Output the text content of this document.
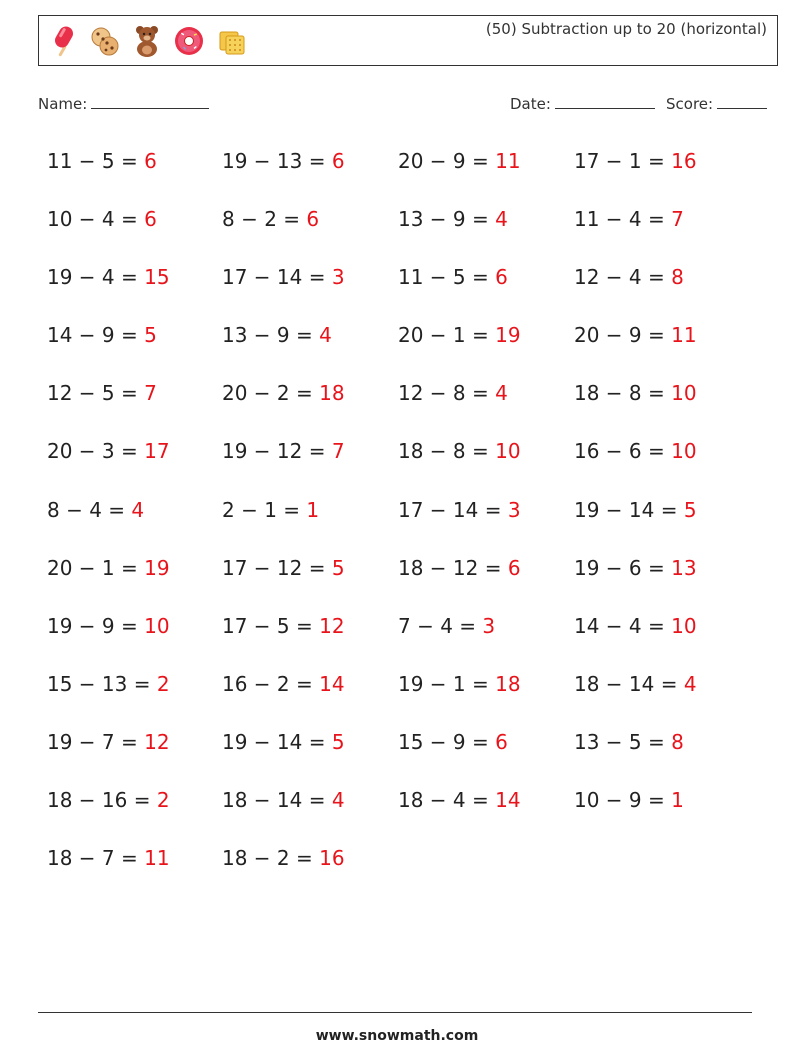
(50) Subtraction up to 20 (horizontal)
Name:	Date:	Score:
11 − 5 = 6	19 − 13 = 6	20 − 9 = 11	17 − 1 = 16
10 − 4 = 6	8 − 2 = 6	13 − 9 = 4	11 − 4 = 7
19 − 4 = 15	17 − 14 = 3	11 − 5 = 6	12 − 4 = 8
14 − 9 = 5	13 − 9 = 4	20 − 1 = 19	20 − 9 = 11
12 − 5 = 7	20 − 2 = 18	12 − 8 = 4	18 − 8 = 10
20 − 3 = 17	19 − 12 = 7	18 − 8 = 10	16 − 6 = 10
8 − 4 = 4	2 − 1 = 1	17 − 14 = 3	19 − 14 = 5
20 − 1 = 19	17 − 12 = 5	18 − 12 = 6	19 − 6 = 13
19 − 9 = 10	17 − 5 = 12	7 − 4 = 3	14 − 4 = 10
15 − 13 = 2	16 − 2 = 14	19 − 1 = 18	18 − 14 = 4
19 − 7 = 12	19 − 14 = 5	15 − 9 = 6	13 − 5 = 8
18 − 16 = 2	18 − 14 = 4	18 − 4 = 14	10 − 9 = 1
18 − 7 = 11	18 − 2 = 16
www.snowmath.com
